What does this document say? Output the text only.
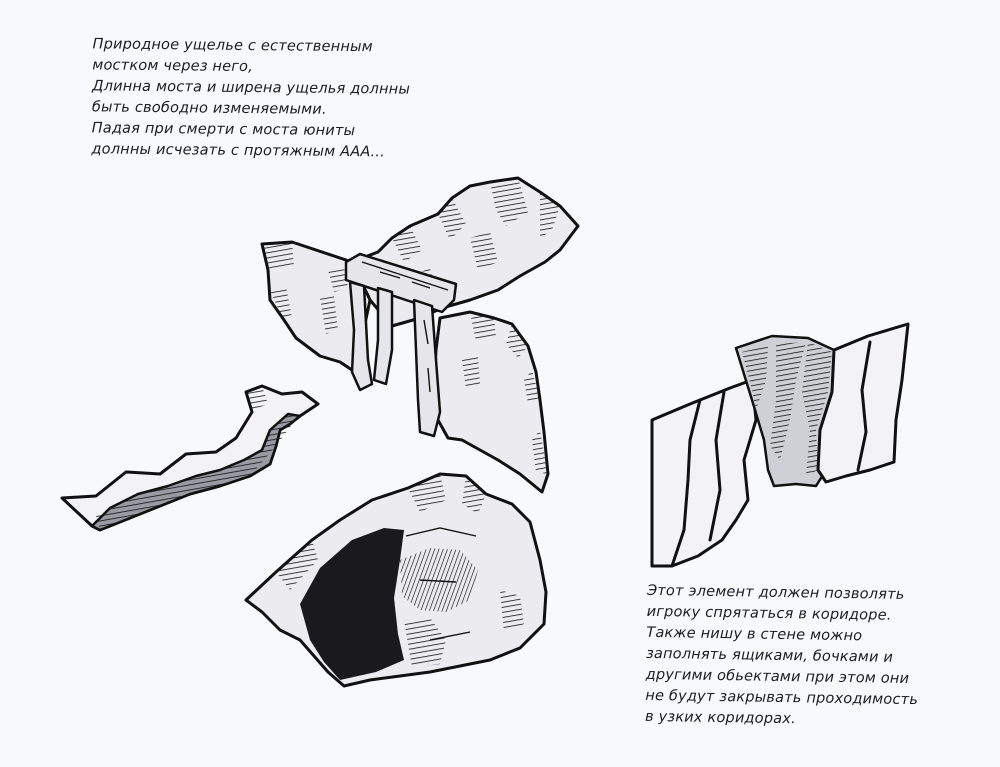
Природное ущелье с естественным
мостком через него,
Длинна моста и ширена ущелья долнны
быть свободно изменяемыми.
Падая при смерти с моста юниты
долнны исчезать с протяжным ААА...
Этот элемент должен позволять
игроку спрятаться в коридоре.
Также нишу в стене можно
заполнять ящиками, бочками и
другими обьектами при этом они
не будут закрывать проходимость
в узких коридорах.
